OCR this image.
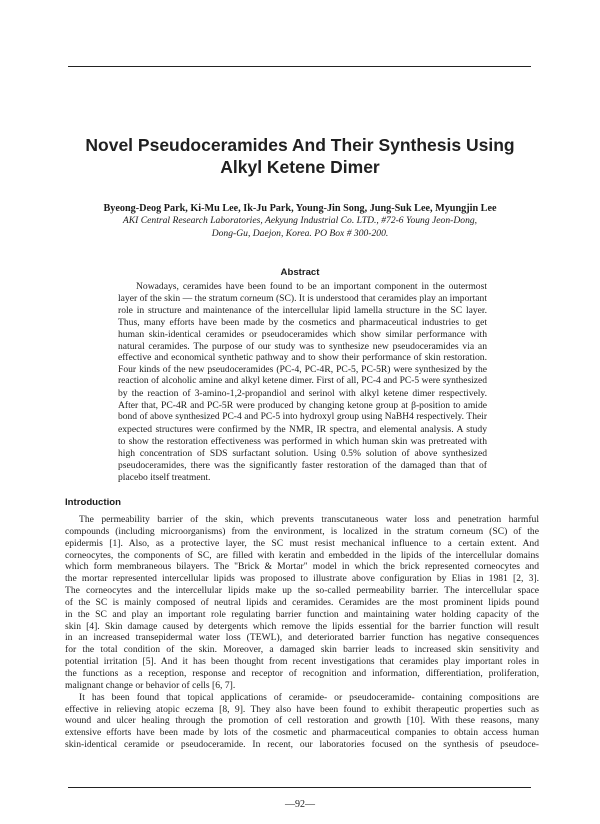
Novel Pseudoceramides And Their Synthesis Using
Alkyl Ketene Dimer
Byeong-Deog Park, Ki-Mu Lee, Ik-Ju Park, Young-Jin Song, Jung-Suk Lee, Myungjin Lee
AKI Central Research Laboratories, Aekyung Industrial Co. LTD., #72-6 Young Jeon-Dong,
Dong-Gu, Daejon, Korea. PO Box # 300-200.
Abstract
Nowadays, ceramides have been found to be an important component in the outermost
layer of the skin — the stratum corneum (SC). It is understood that ceramides play an important
role in structure and maintenance of the intercellular lipid lamella structure in the SC layer.
Thus, many efforts have been made by the cosmetics and pharmaceutical industries to get
human skin-identical ceramides or pseudoceramides which show similar performance with
natural ceramides. The purpose of our study was to synthesize new pseudoceramides via an
effective and economical synthetic pathway and to show their performance of skin restoration.
Four kinds of the new pseudoceramides (PC-4, PC-4R, PC-5, PC-5R) were synthesized by the
reaction of alcoholic amine and alkyl ketene dimer. First of all, PC-4 and PC-5 were synthesized
by the reaction of 3-amino-1,2-propandiol and serinol with alkyl ketene dimer respectively.
After that, PC-4R and PC-5R were produced by changing ketone group at β-position to amide
bond of above synthesized PC-4 and PC-5 into hydroxyl group using NaBH4 respectively. Their
expected structures were confirmed by the NMR, IR spectra, and elemental analysis. A study
to show the restoration effectiveness was performed in which human skin was pretreated with
high concentration of SDS surfactant solution. Using 0.5% solution of above synthesized
pseudoceramides, there was the significantly faster restoration of the damaged than that of
placebo itself treatment.
Introduction
The permeability barrier of the skin, which prevents transcutaneous water loss and penetration harmful
compounds (including microorganisms) from the environment, is localized in the stratum corneum (SC) of the
epidermis [1]. Also, as a protective layer, the SC must resist mechanical influence to a certain extent. And
corneocytes, the components of SC, are filled with keratin and embedded in the lipids of the intercellular domains
which form membraneous bilayers. The "Brick & Mortar" model in which the brick represented corneocytes and
the mortar represented intercellular lipids was proposed to illustrate above configuration by Elias in 1981 [2, 3].
The corneocytes and the intercellular lipids make up the so-called permeability barrier. The intercellular space
of the SC is mainly composed of neutral lipids and ceramides. Ceramides are the most prominent lipids pound
in the SC and play an important role regulating barrier function and maintaining water holding capacity of the
skin [4]. Skin damage caused by detergents which remove the lipids essential for the barrier function will result
in an increased transepidermal water loss (TEWL), and deteriorated barrier function has negative consequences
for the total condition of the skin. Moreover, a damaged skin barrier leads to increased skin sensitivity and
potential irritation [5]. And it has been thought from recent investigations that ceramides play important roles in
the functions as a reception, response and receptor of recognition and information, differentiation, proliferation,
malignant change or behavior of cells [6, 7].
It has been found that topical applications of ceramide- or pseudoceramide- containing compositions are
effective in relieving atopic eczema [8, 9]. They also have been found to exhibit therapeutic properties such as
wound and ulcer healing through the promotion of cell restoration and growth [10]. With these reasons, many
extensive efforts have been made by lots of the cosmetic and pharmaceutical companies to obtain access human
skin-identical ceramide or pseudoceramide. In recent, our laboratories focused on the synthesis of pseudoce-
—92—
